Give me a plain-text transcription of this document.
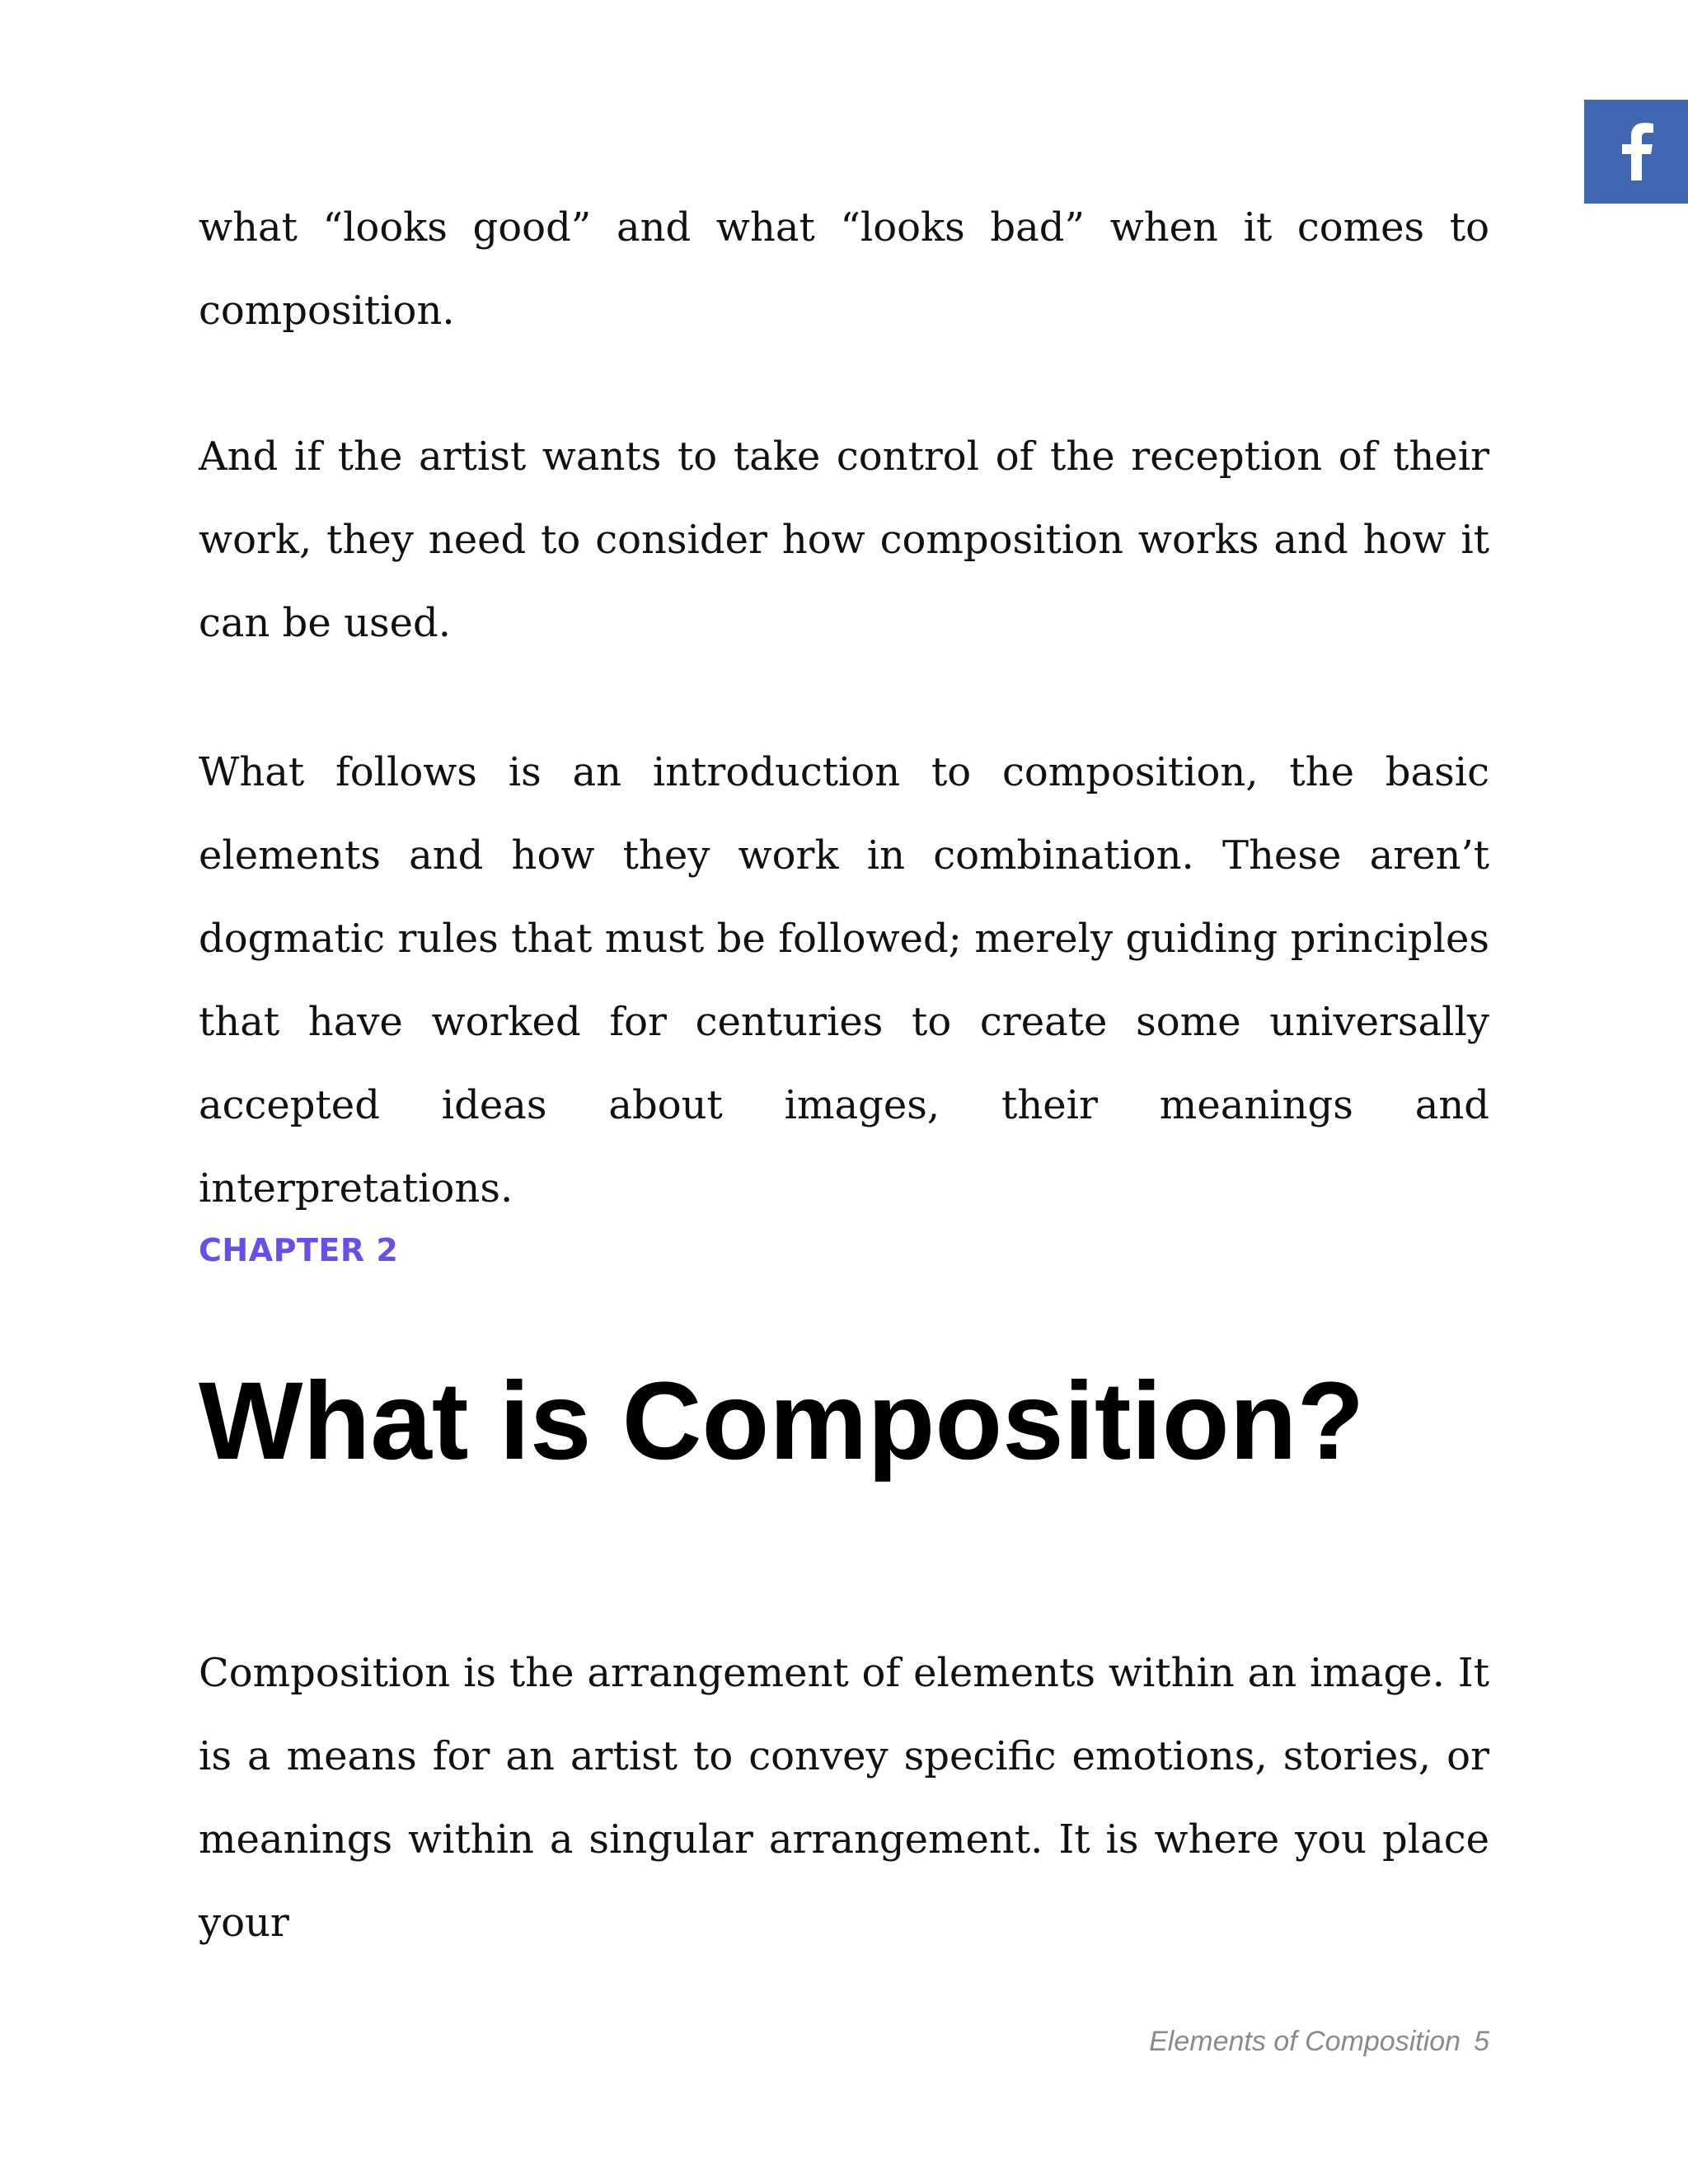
what “looks good” and what “looks bad” when it comes to composition.

And if the artist wants to take control of the reception of their work, they need to consider how composition works and how it can be used.

What follows is an introduction to composition, the basic elements and how they work in combination. These aren’t dogmatic rules that must be followed; merely guiding principles that have worked for centuries to create some universally accepted ideas about images, their meanings and interpretations.

CHAPTER 2
What is Composition?

Composition is the arrangement of elements within an image. It is a means for an artist to convey specific emotions, stories, or meanings within a singular arrangement. It is where you place your

Elements of Composition 5
